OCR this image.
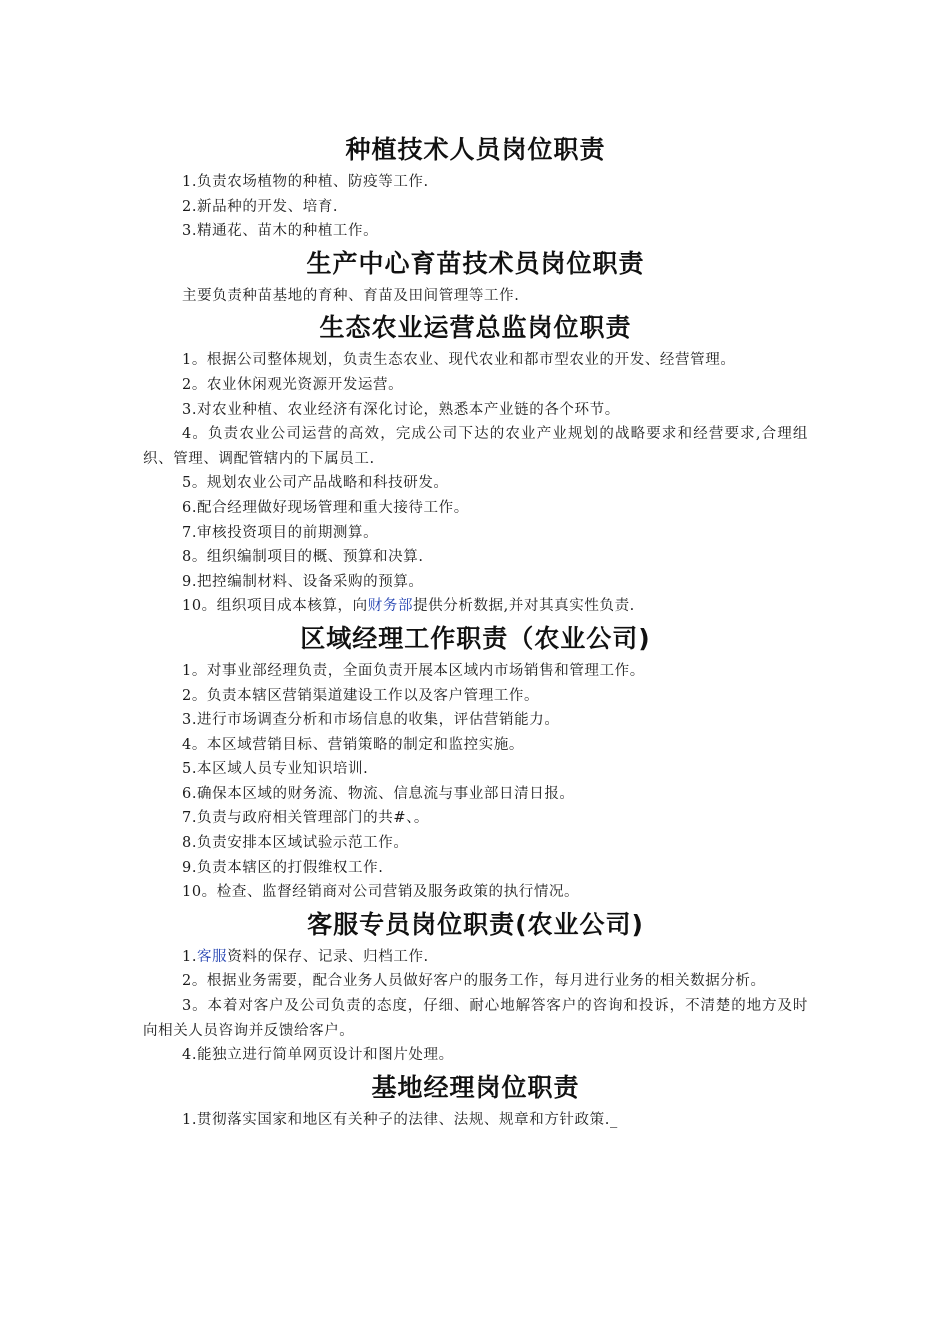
种植技术人员岗位职责

1.负责农场植物的种植、防疫等工作.

2.新品种的开发、培育.

3.精通花、苗木的种植工作。

生产中心育苗技术员岗位职责

主要负责种苗基地的育种、育苗及田间管理等工作.

生态农业运营总监岗位职责

1。根据公司整体规划，负责生态农业、现代农业和都市型农业的开发、经营管理。

2。农业休闲观光资源开发运营。

3.对农业种植、农业经济有深化讨论，熟悉本产业链的各个环节。

4。负责农业公司运营的高效，完成公司下达的农业产业规划的战略要求和经营要求,合理组织、管理、调配管辖内的下属员工.

5。规划农业公司产品战略和科技研发。

6.配合经理做好现场管理和重大接待工作。

7.审核投资项目的前期测算。

8。组织编制项目的概、预算和决算.

9.把控编制材料、设备采购的预算。

10。组织项目成本核算，向财务部提供分析数据,并对其真实性负责.

区域经理工作职责（农业公司)

1。对事业部经理负责，全面负责开展本区域内市场销售和管理工作。

2。负责本辖区营销渠道建设工作以及客户管理工作。

3.进行市场调查分析和市场信息的收集，评估营销能力。

4。本区域营销目标、营销策略的制定和监控实施。

5.本区域人员专业知识培训.

6.确保本区域的财务流、物流、信息流与事业部日清日报。

7.负责与政府相关管理部门的共#、。

8.负责安排本区域试验示范工作。

9.负责本辖区的打假维权工作.

10。检查、监督经销商对公司营销及服务政策的执行情况。

客服专员岗位职责(农业公司)

1.客服资料的保存、记录、归档工作.

2。根据业务需要，配合业务人员做好客户的服务工作，每月进行业务的相关数据分析。

3。本着对客户及公司负责的态度，仔细、耐心地解答客户的咨询和投诉，不清楚的地方及时向相关人员咨询并反馈给客户。

4.能独立进行简单网页设计和图片处理。

基地经理岗位职责

1.贯彻落实国家和地区有关种子的法律、法规、规章和方针政策._
